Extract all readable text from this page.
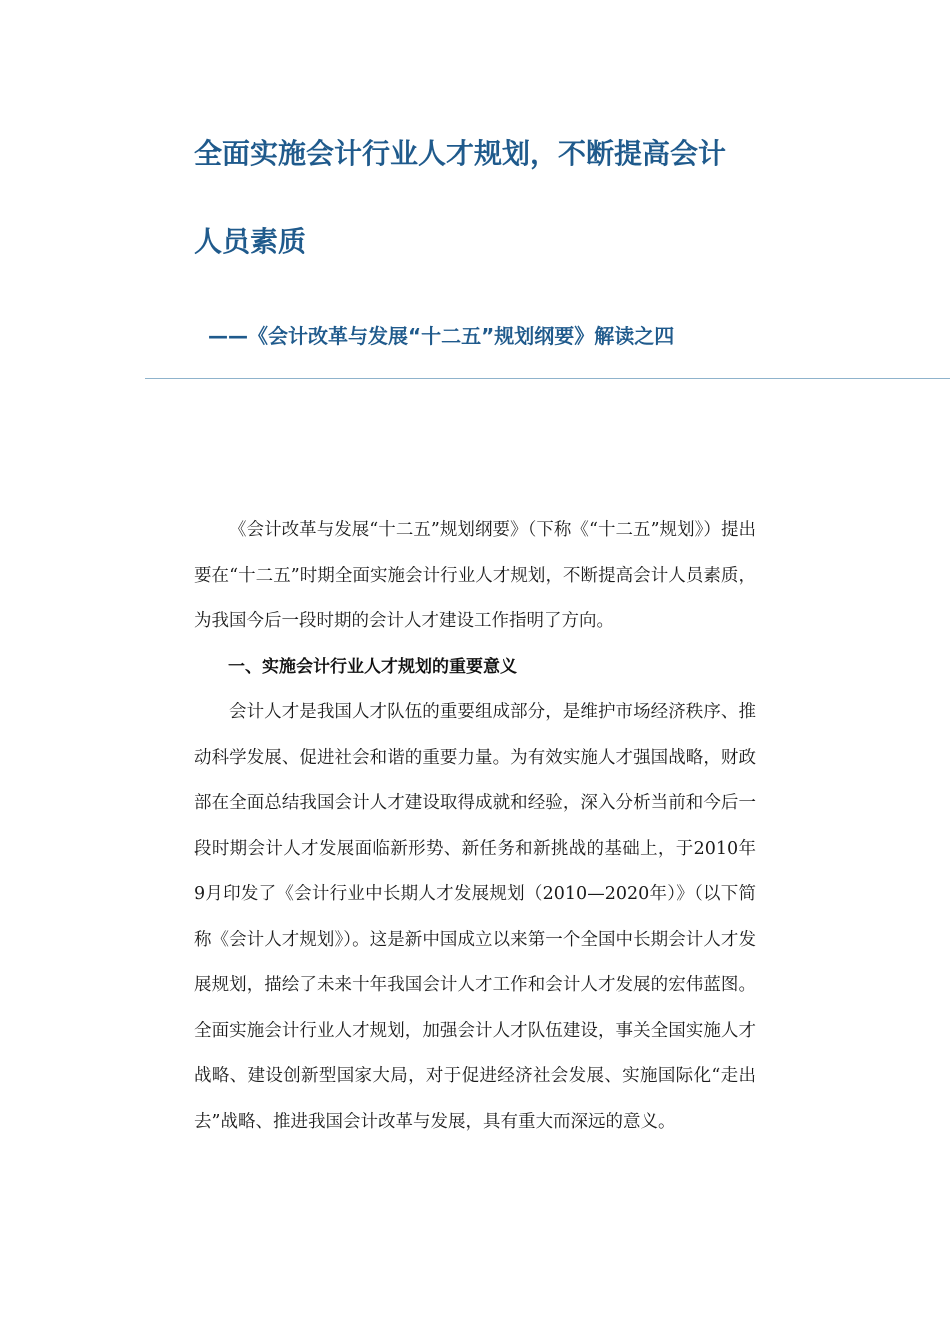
全面实施会计行业人才规划，不断提高会计
人员素质
——《会计改革与发展“十二五”规划纲要》解读之四

《会计改革与发展“十二五”规划纲要》（下称《“十二五”规划》）提出要在“十二五”时期全面实施会计行业人才规划，不断提高会计人员素质，为我国今后一段时期的会计人才建设工作指明了方向。

一、实施会计行业人才规划的重要意义

会计人才是我国人才队伍的重要组成部分，是维护市场经济秩序、推动科学发展、促进社会和谐的重要力量。为有效实施人才强国战略，财政部在全面总结我国会计人才建设取得成就和经验，深入分析当前和今后一段时期会计人才发展面临新形势、新任务和新挑战的基础上，于2010年9月印发了《会计行业中长期人才发展规划（2010—2020年）》（以下简称《会计人才规划》）。这是新中国成立以来第一个全国中长期会计人才发展规划，描绘了未来十年我国会计人才工作和会计人才发展的宏伟蓝图。全面实施会计行业人才规划，加强会计人才队伍建设，事关全国实施人才战略、建设创新型国家大局，对于促进经济社会发展、实施国际化“走出去”战略、推进我国会计改革与发展，具有重大而深远的意义。
